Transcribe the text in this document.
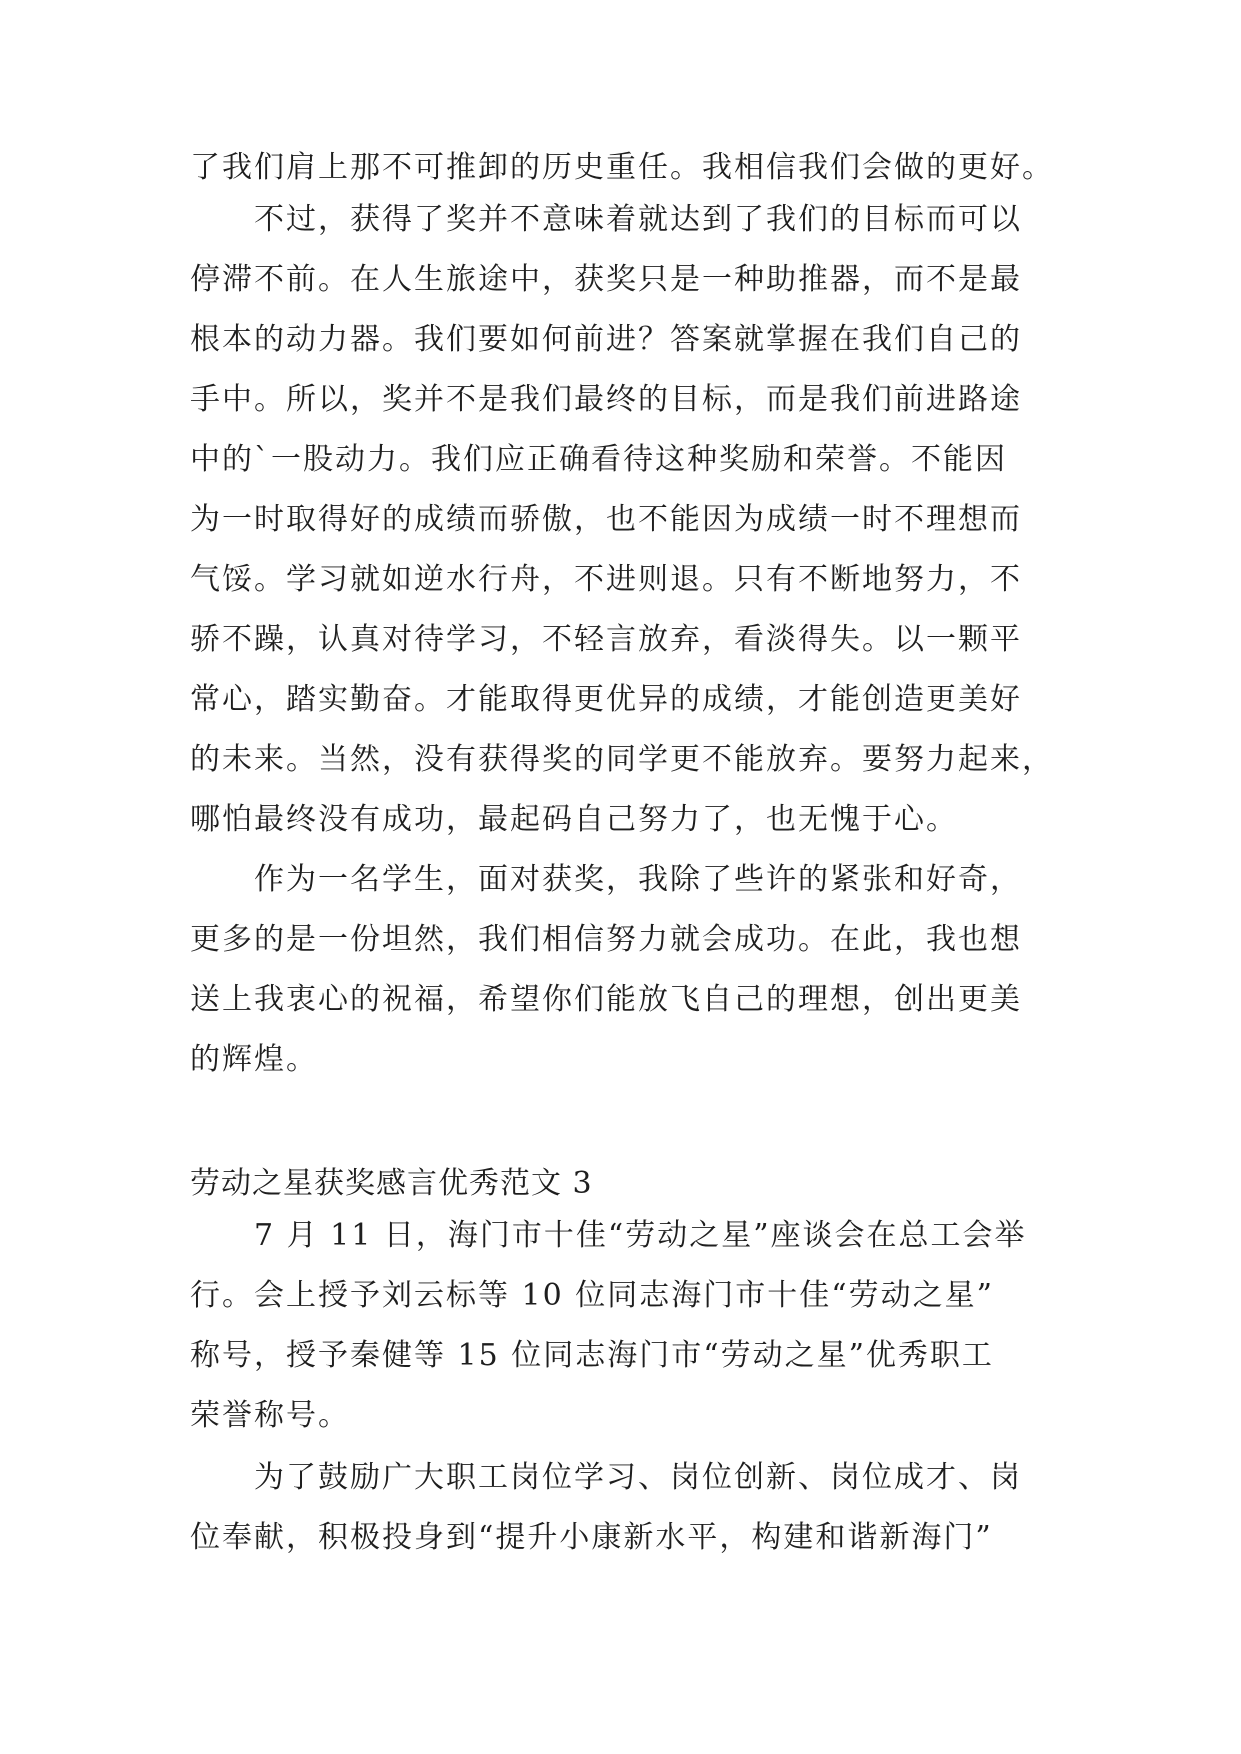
了我们肩上那不可推卸的历史重任。我相信我们会做的更好。
不过，获得了奖并不意味着就达到了我们的目标而可以
停滞不前。在人生旅途中，获奖只是一种助推器，而不是最
根本的动力器。我们要如何前进？答案就掌握在我们自己的
手中。所以，奖并不是我们最终的目标，而是我们前进路途
中的`一股动力。我们应正确看待这种奖励和荣誉。不能因
为一时取得好的成绩而骄傲，也不能因为成绩一时不理想而
气馁。学习就如逆水行舟，不进则退。只有不断地努力，不
骄不躁，认真对待学习，不轻言放弃，看淡得失。以一颗平
常心，踏实勤奋。才能取得更优异的成绩，才能创造更美好
的未来。当然，没有获得奖的同学更不能放弃。要努力起来，
哪怕最终没有成功，最起码自己努力了，也无愧于心。
作为一名学生，面对获奖，我除了些许的紧张和好奇，
更多的是一份坦然，我们相信努力就会成功。在此，我也想
送上我衷心的祝福，希望你们能放飞自己的理想，创出更美
的辉煌。
劳动之星获奖感言优秀范文 3
7 月 11 日，海门市十佳“劳动之星”座谈会在总工会举
行。会上授予刘云标等 10 位同志海门市十佳“劳动之星”
称号，授予秦健等 15 位同志海门市“劳动之星”优秀职工
荣誉称号。
为了鼓励广大职工岗位学习、岗位创新、岗位成才、岗
位奉献，积极投身到“提升小康新水平，构建和谐新海门”
